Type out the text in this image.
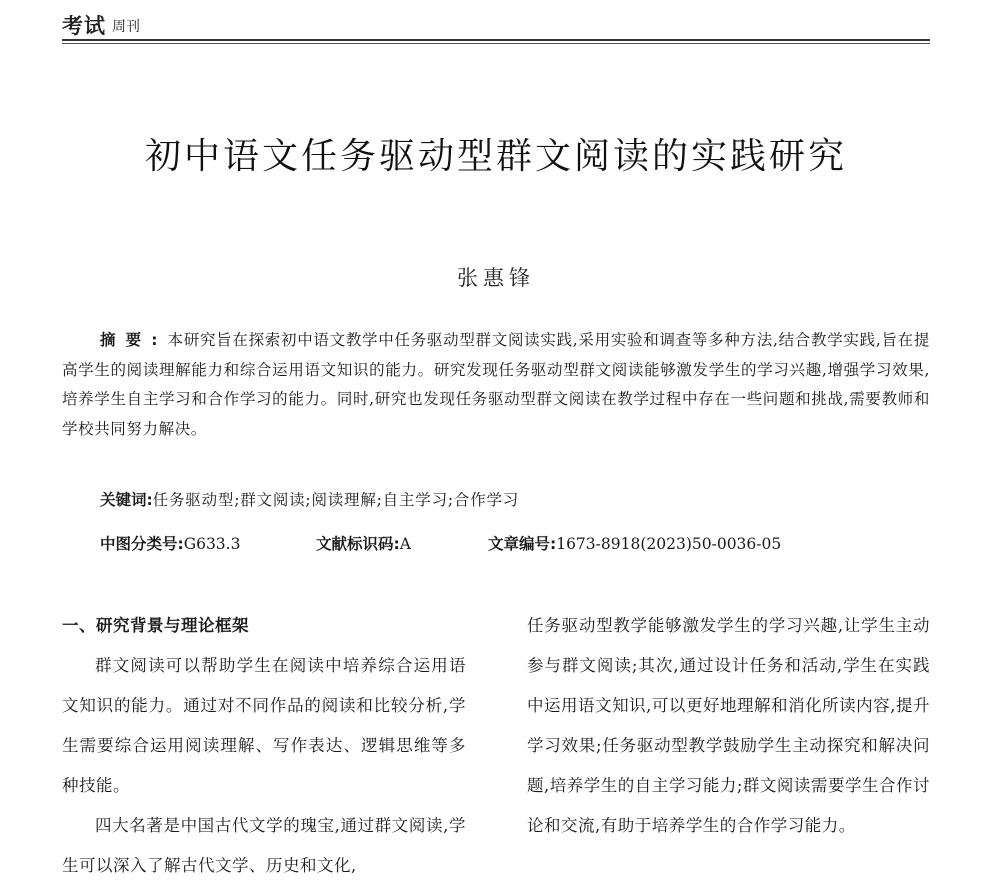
考试 周刊
初中语文任务驱动型群文阅读的实践研究
张惠锋
摘要:本研究旨在探索初中语文教学中任务驱动型群文阅读实践,采用实验和调查等多种方法,结合教学实践,旨在提高学生的阅读理解能力和综合运用语文知识的能力。研究发现任务驱动型群文阅读能够激发学生的学习兴趣,增强学习效果,培养学生自主学习和合作学习的能力。同时,研究也发现任务驱动型群文阅读在教学过程中存在一些问题和挑战,需要教师和学校共同努力解决。
关键词:任务驱动型;群文阅读;阅读理解;自主学习;合作学习
中图分类号:G633.3	文献标识码:A	文章编号:1673-8918(2023)50-0036-05

一、研究背景与理论框架

群文阅读可以帮助学生在阅读中培养综合运用语文知识的能力。通过对不同作品的阅读和比较分析,学生需要综合运用阅读理解、写作表达、逻辑思维等多种技能。

四大名著是中国古代文学的瑰宝,通过群文阅读,学生可以深入了解古代文学、历史和文化,

任务驱动型教学能够激发学生的学习兴趣,让学生主动参与群文阅读;其次,通过设计任务和活动,学生在实践中运用语文知识,可以更好地理解和消化所读内容,提升学习效果;任务驱动型教学鼓励学生主动探究和解决问题,培养学生的自主学习能力;群文阅读需要学生合作讨论和交流,有助于培养学生的合作学习能力。
